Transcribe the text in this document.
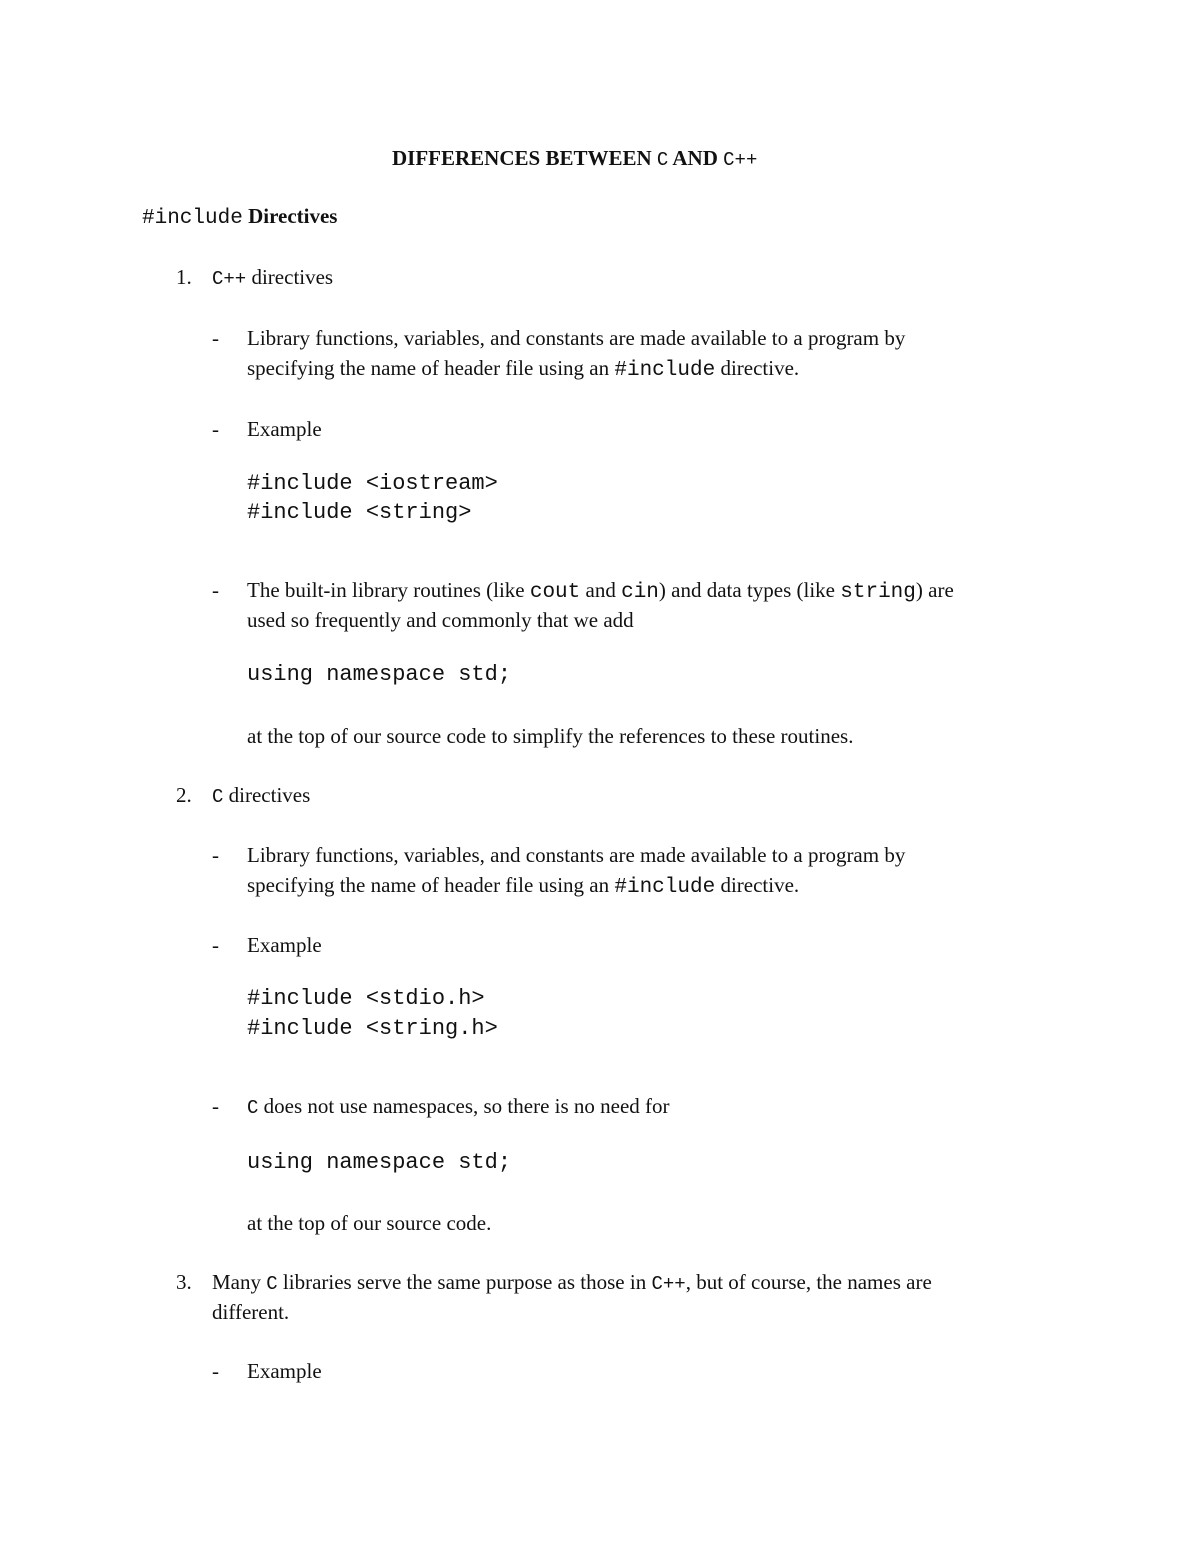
DIFFERENCES BETWEEN C AND C++
#include Directives
1. C++ directives
- Library functions, variables, and constants are made available to a program by
specifying the name of header file using an #include directive.
- Example
#include <iostream>
#include <string>
- The built-in library routines (like cout and cin) and data types (like string) are
used so frequently and commonly that we add
using namespace std;
at the top of our source code to simplify the references to these routines.
2. C directives
- Library functions, variables, and constants are made available to a program by
specifying the name of header file using an #include directive.
- Example
#include <stdio.h>
#include <string.h>
- C does not use namespaces, so there is no need for
using namespace std;
at the top of our source code.
3. Many C libraries serve the same purpose as those in C++, but of course, the names are
different.
- Example
